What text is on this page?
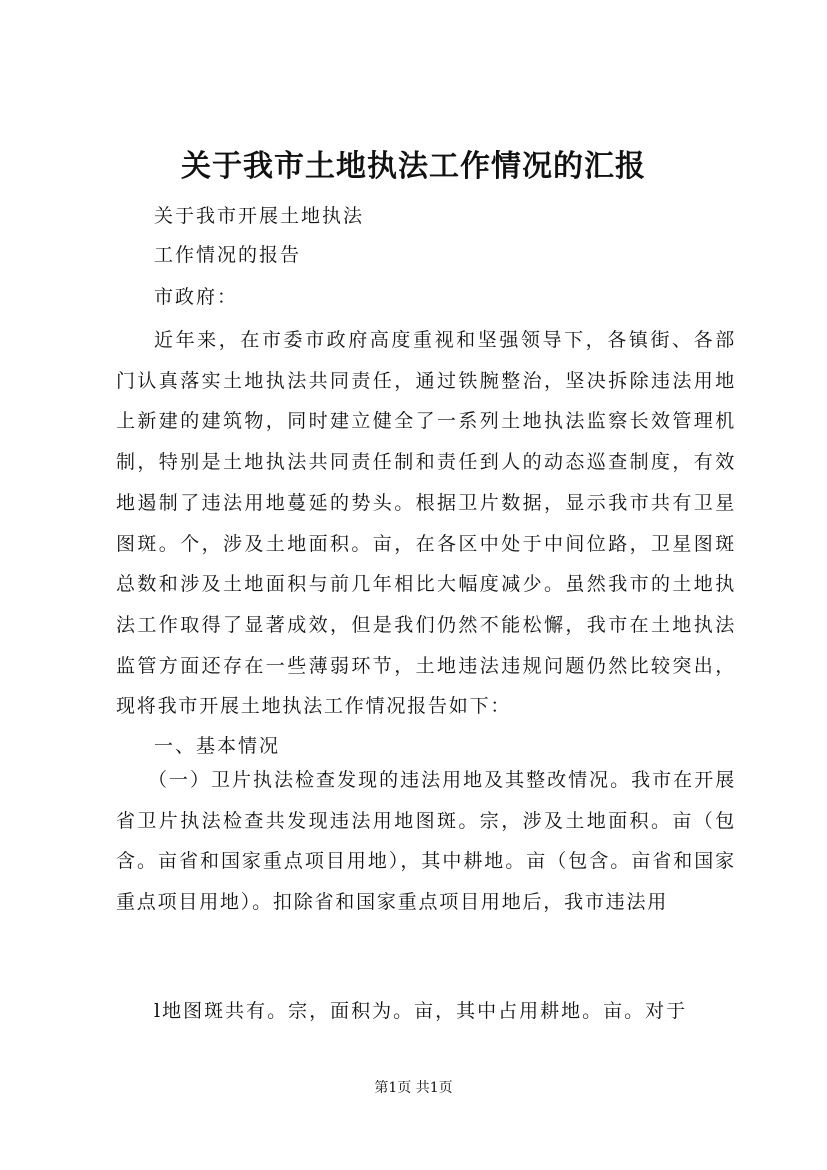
关于我市土地执法工作情况的汇报

关于我市开展土地执法

工作情况的报告

市政府：

近年来，在市委市政府高度重视和坚强领导下，各镇街、各部门认真落实土地执法共同责任，通过铁腕整治，坚决拆除违法用地上新建的建筑物，同时建立健全了一系列土地执法监察长效管理机制，特别是土地执法共同责任制和责任到人的动态巡查制度，有效地遏制了违法用地蔓延的势头。根据卫片数据，显示我市共有卫星图斑。个，涉及土地面积。亩，在各区中处于中间位路，卫星图斑总数和涉及土地面积与前几年相比大幅度减少。虽然我市的土地执法工作取得了显著成效，但是我们仍然不能松懈，我市在土地执法监管方面还存在一些薄弱环节，土地违法违规问题仍然比较突出，现将我市开展土地执法工作情况报告如下：

一、基本情况

（一）卫片执法检查发现的违法用地及其整改情况。我市在开展省卫片执法检查共发现违法用地图斑。宗，涉及土地面积。亩（包含。亩省和国家重点项目用地），其中耕地。亩（包含。亩省和国家重点项目用地）。扣除省和国家重点项目用地后，我市违法用

l地图斑共有。宗，面积为。亩，其中占用耕地。亩。对于

第1页 共1页
